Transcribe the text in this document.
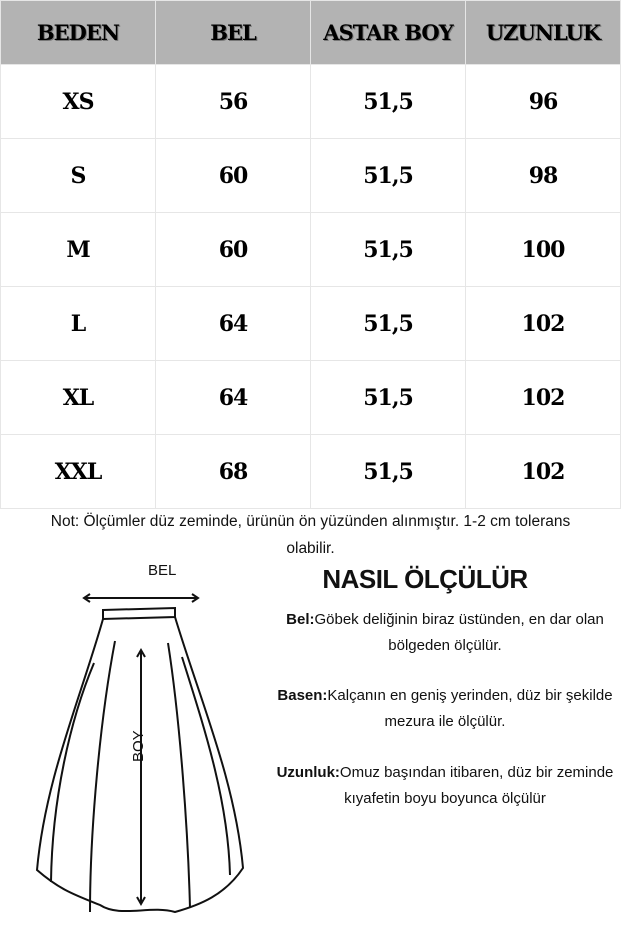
BEDEN	BEL	ASTAR BOY	UZUNLUK
XS	56	51,5	96
S	60	51,5	98
M	60	51,5	100
L	64	51,5	102
XL	64	51,5	102
XXL	68	51,5	102
Not: Ölçümler düz zeminde, ürünün ön yüzünden alınmıştır. 1-2 cm tolerans olabilir.
BEL
BOY
NASIL ÖLÇÜLÜR
Bel:Göbek deliğinin biraz üstünden, en dar olan bölgeden ölçülür.
Basen:Kalçanın en geniş yerinden, düz bir şekilde mezura ile ölçülür.
Uzunluk:Omuz başından itibaren, düz bir zeminde kıyafetin boyu boyunca ölçülür
